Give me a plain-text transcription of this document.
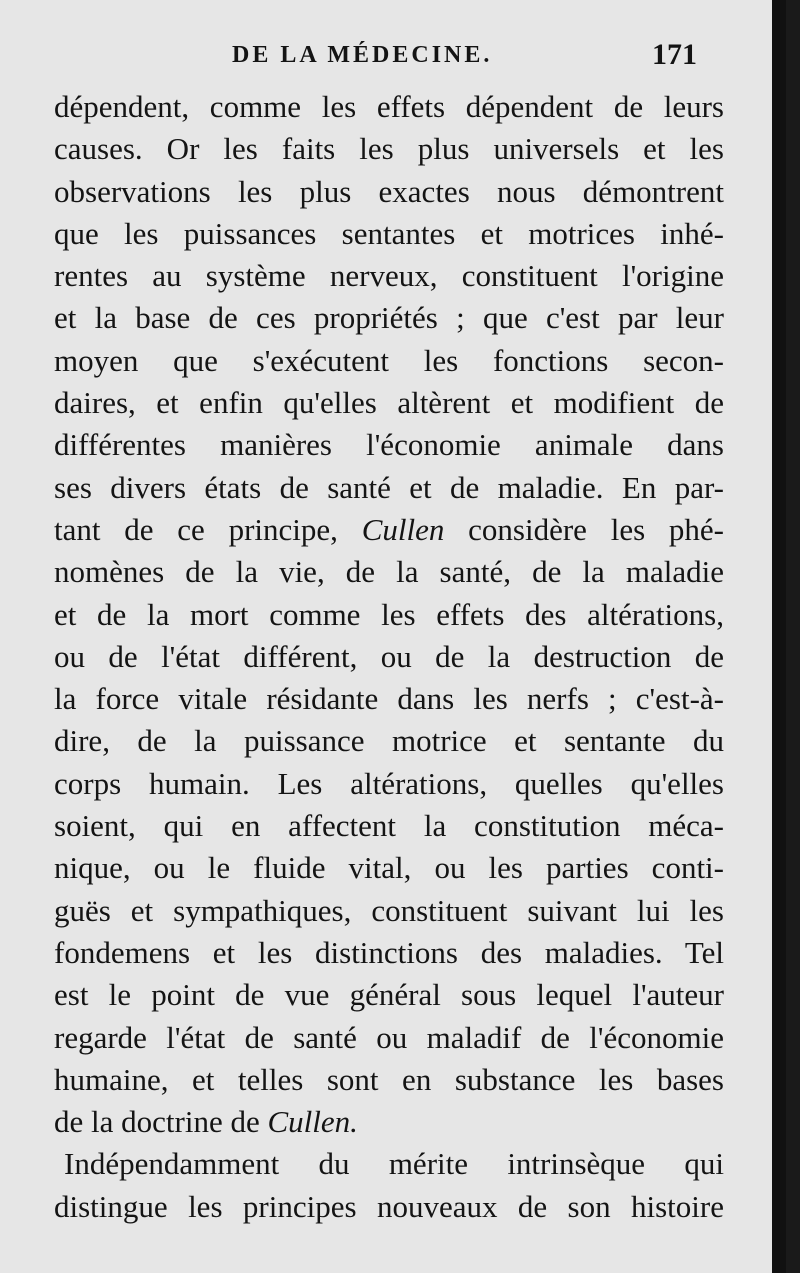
DE LA MÉDECINE.	171
dépendent, comme les effets dépendent de leurs
causes. Or les faits les plus universels et les
observations les plus exactes nous démontrent
que les puissances sentantes et motrices inhé-
rentes au système nerveux, constituent l'origine
et la base de ces propriétés ; que c'est par leur
moyen que s'exécutent les fonctions secon-
daires, et enfin qu'elles altèrent et modifient de
différentes manières l'économie animale dans
ses divers états de santé et de maladie. En par-
tant de ce principe, Cullen considère les phé-
nomènes de la vie, de la santé, de la maladie
et de la mort comme les effets des altérations,
ou de l'état différent, ou de la destruction de
la force vitale résidante dans les nerfs ; c'est-à-
dire, de la puissance motrice et sentante du
corps humain. Les altérations, quelles qu'elles
soient, qui en affectent la constitution méca-
nique, ou le fluide vital, ou les parties conti-
guës et sympathiques, constituent suivant lui les
fondemens et les distinctions des maladies. Tel
est le point de vue général sous lequel l'auteur
regarde l'état de santé ou maladif de l'économie
humaine, et telles sont en substance les bases
de la doctrine de Cullen.
Indépendamment du mérite intrinsèque qui
distingue les principes nouveaux de son histoire
